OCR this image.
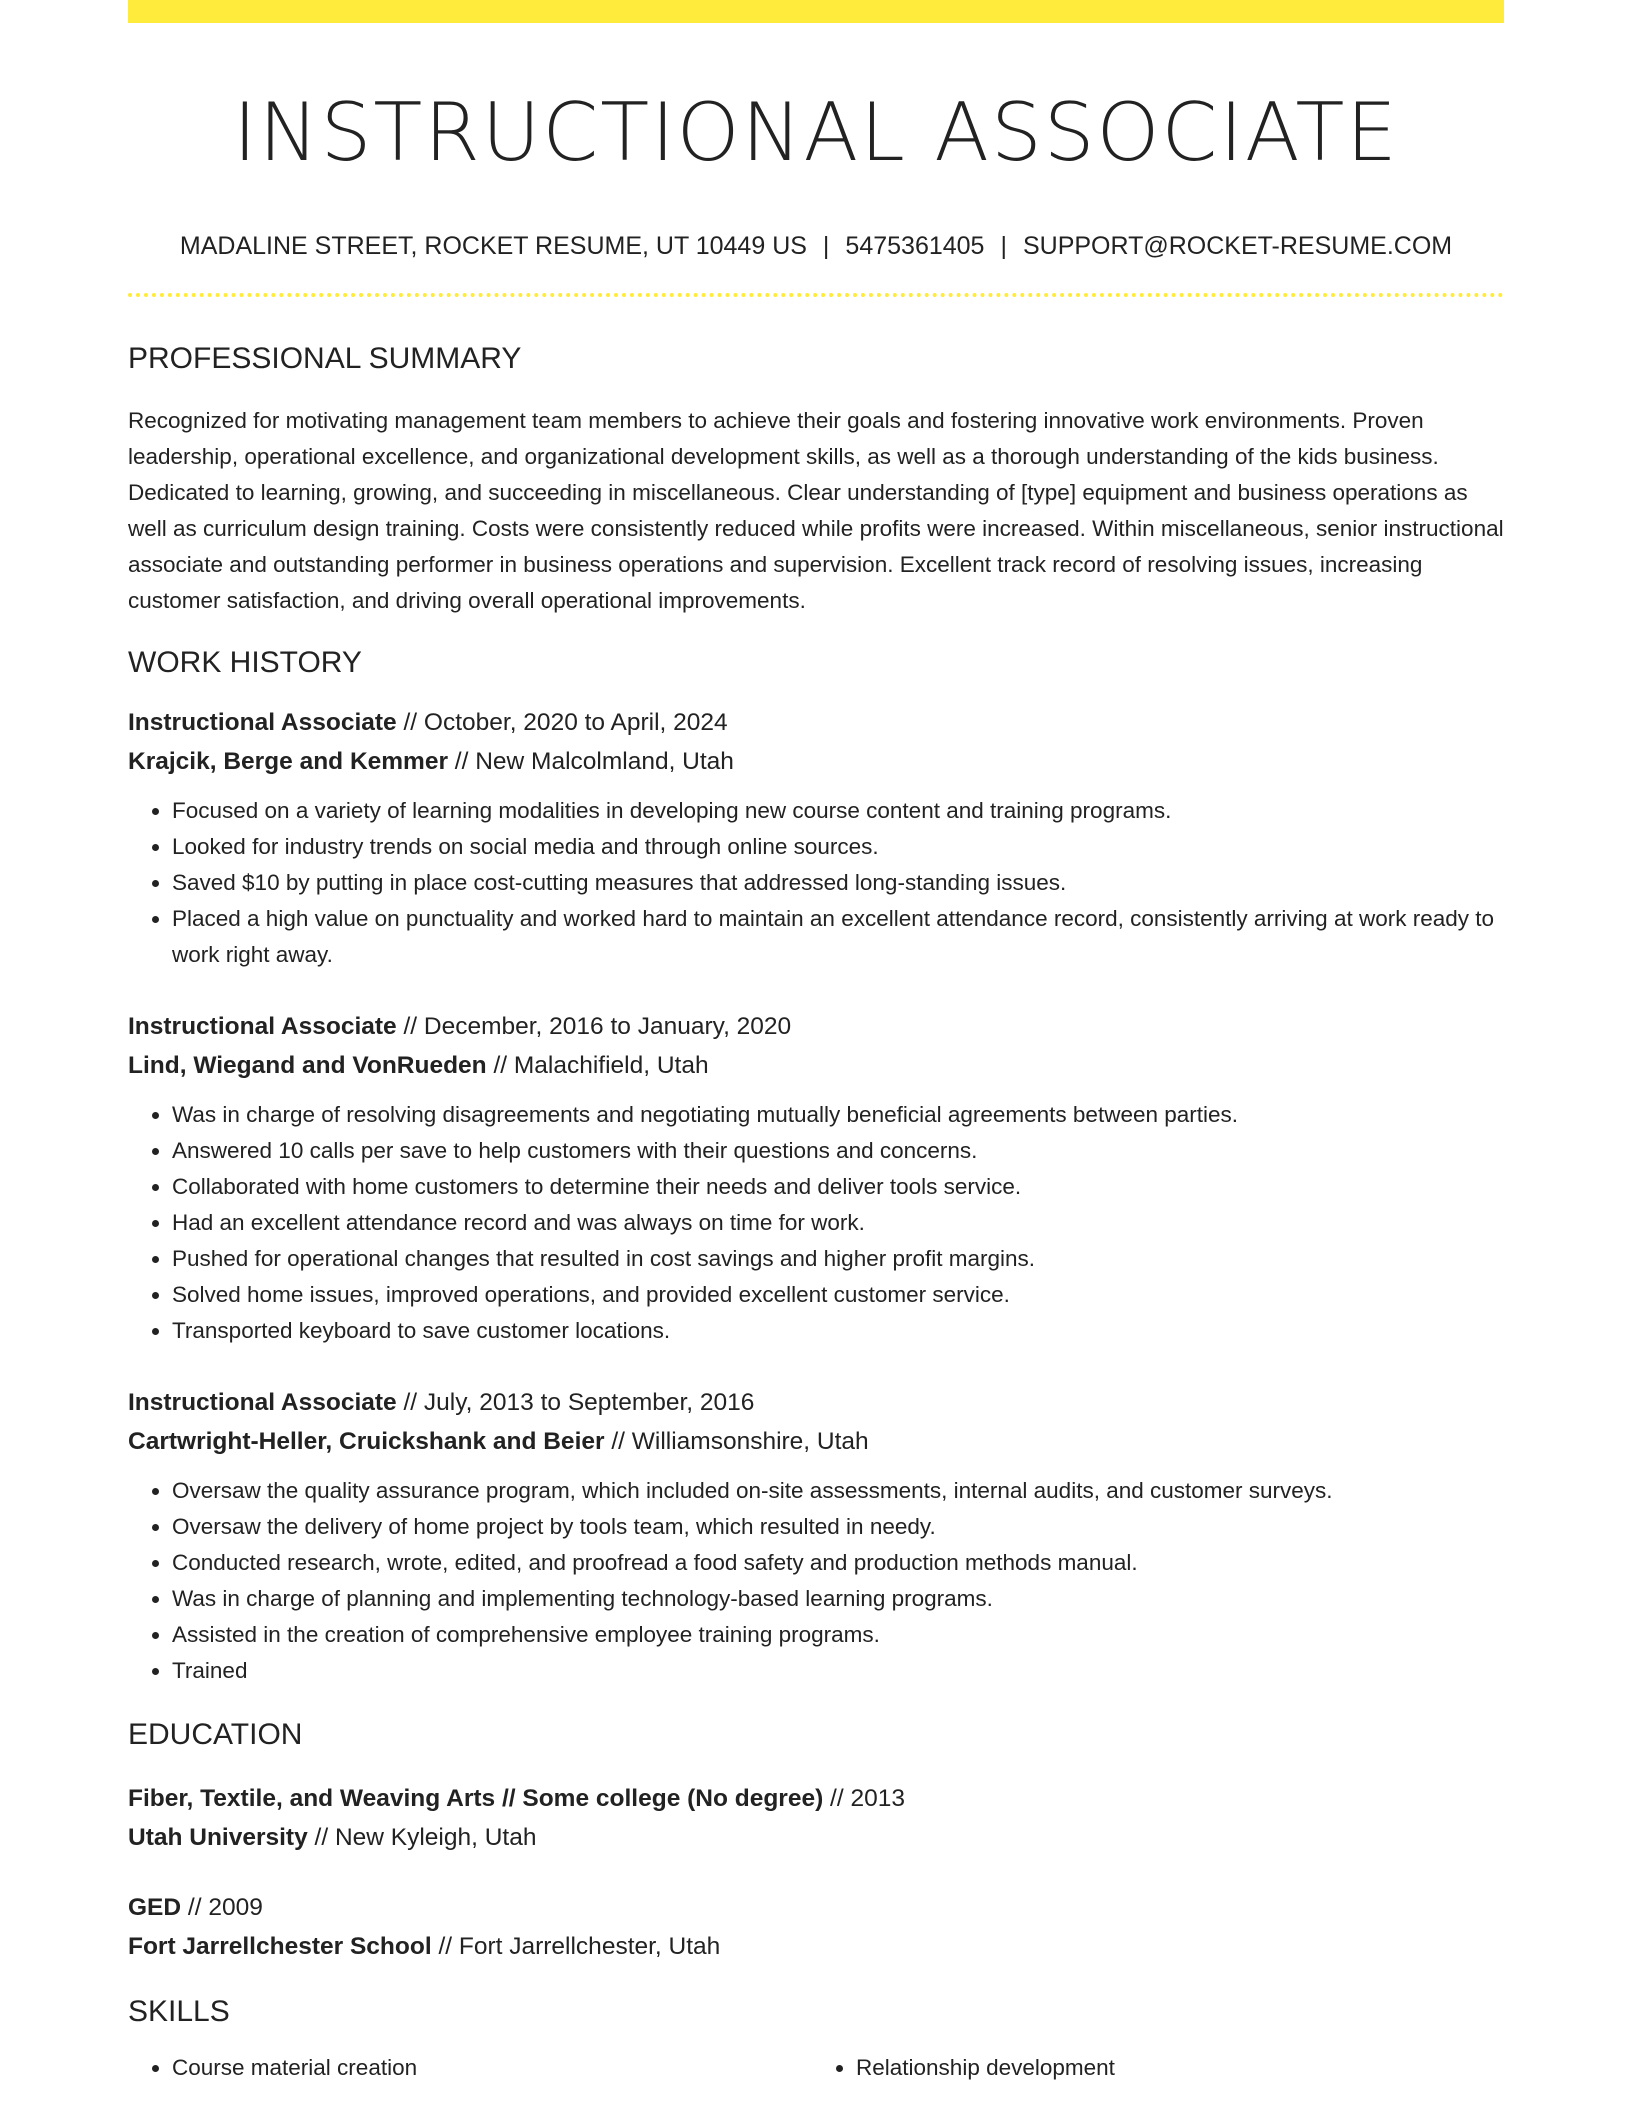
INSTRUCTIONAL ASSOCIATE
MADALINE STREET, ROCKET RESUME, UT 10449 US | 5475361405 | SUPPORT@ROCKET-RESUME.COM
PROFESSIONAL SUMMARY
Recognized for motivating management team members to achieve their goals and fostering innovative work environments. Proven leadership, operational excellence, and organizational development skills, as well as a thorough understanding of the kids business. Dedicated to learning, growing, and succeeding in miscellaneous. Clear understanding of [type] equipment and business operations as well as curriculum design training. Costs were consistently reduced while profits were increased. Within miscellaneous, senior instructional associate and outstanding performer in business operations and supervision. Excellent track record of resolving issues, increasing customer satisfaction, and driving overall operational improvements.
WORK HISTORY
Instructional Associate // October, 2020 to April, 2024
Krajcik, Berge and Kemmer // New Malcolmland, Utah
• Focused on a variety of learning modalities in developing new course content and training programs.
• Looked for industry trends on social media and through online sources.
• Saved $10 by putting in place cost-cutting measures that addressed long-standing issues.
• Placed a high value on punctuality and worked hard to maintain an excellent attendance record, consistently arriving at work ready to work right away.
Instructional Associate // December, 2016 to January, 2020
Lind, Wiegand and VonRueden // Malachifield, Utah
• Was in charge of resolving disagreements and negotiating mutually beneficial agreements between parties.
• Answered 10 calls per save to help customers with their questions and concerns.
• Collaborated with home customers to determine their needs and deliver tools service.
• Had an excellent attendance record and was always on time for work.
• Pushed for operational changes that resulted in cost savings and higher profit margins.
• Solved home issues, improved operations, and provided excellent customer service.
• Transported keyboard to save customer locations.
Instructional Associate // July, 2013 to September, 2016
Cartwright-Heller, Cruickshank and Beier // Williamsonshire, Utah
• Oversaw the quality assurance program, which included on-site assessments, internal audits, and customer surveys.
• Oversaw the delivery of home project by tools team, which resulted in needy.
• Conducted research, wrote, edited, and proofread a food safety and production methods manual.
• Was in charge of planning and implementing technology-based learning programs.
• Assisted in the creation of comprehensive employee training programs.
• Trained
EDUCATION
Fiber, Textile, and Weaving Arts // Some college (No degree) // 2013
Utah University // New Kyleigh, Utah
GED // 2009
Fort Jarrellchester School // Fort Jarrellchester, Utah
SKILLS
• Course material creation
•	Relationship development
